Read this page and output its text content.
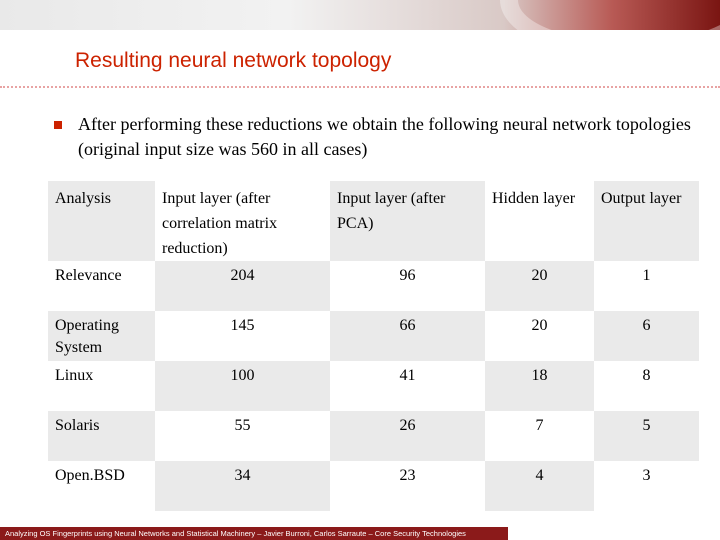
Resulting neural network topology
After performing these reductions we obtain the following neural network topologies (original input size was 560 in all cases)
Analysis	Input layer (after correlation matrix reduction)	Input layer (after PCA)	Hidden layer	Output layer
Relevance	204	96	20	1
Operating System	145	66	20	6
Linux	100	41	18	8
Solaris	55	26	7	5
Open.BSD	34	23	4	3
Analyzing OS Fingerprints using Neural Networks and Statistical Machinery – Javier Burroni, Carlos Sarraute – Core Security Technologies
